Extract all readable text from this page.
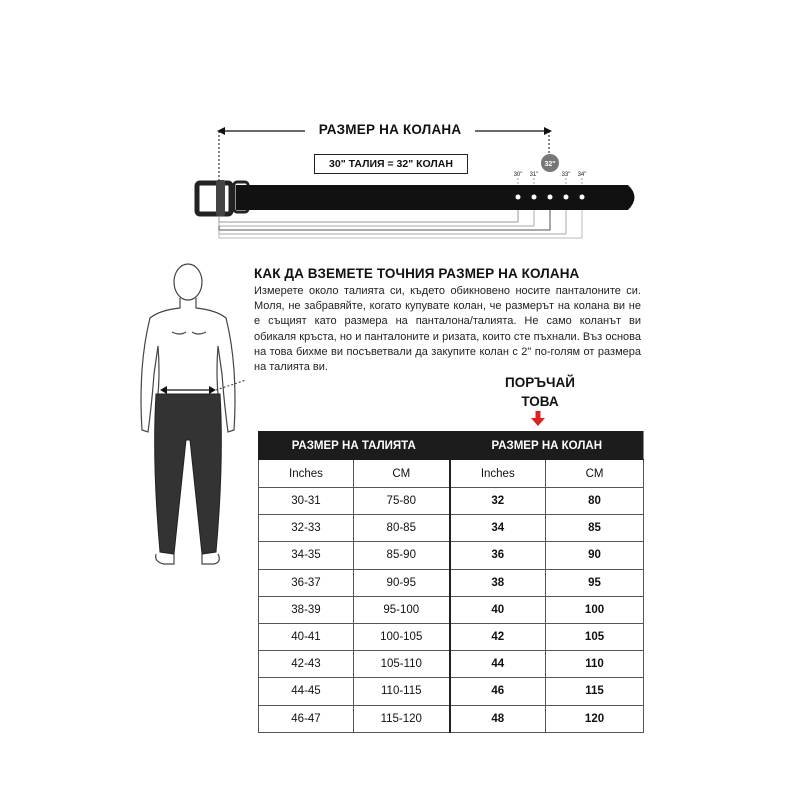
30" 31"	33" 34"
32"
РАЗМЕР НА КОЛАНА
30" ТАЛИЯ = 32" КОЛАН
КАК ДА ВЗЕМЕТЕ ТОЧНИЯ РАЗМЕР НА КОЛАНА
Измерете около талията си, където обикновено носите панталоните си. Моля, не забравяйте, когато купувате колан, че размерът на колана ви не е същият като размера на панталона/талията. Не само коланът ви обикаля кръста, но и панталоните и ризата, които сте пъхнали. Въз основа на това бихме ви посъветвали да закупите колан с 2" по-голям от размера на талията ви.
ПОРЪЧАЙ ТОВА
РАЗМЕР НА ТАЛИЯТА		РАЗМЕР НА КОЛАН	
Inches	CM	Inches	CM
30-31	75-80	32	80
32-33	80-85	34	85
34-35	85-90	36	90
36-37	90-95	38	95
38-39	95-100	40	100
40-41	100-105	42	105
42-43	105-110	44	110
44-45	110-115	46	115
46-47	115-120	48	120
